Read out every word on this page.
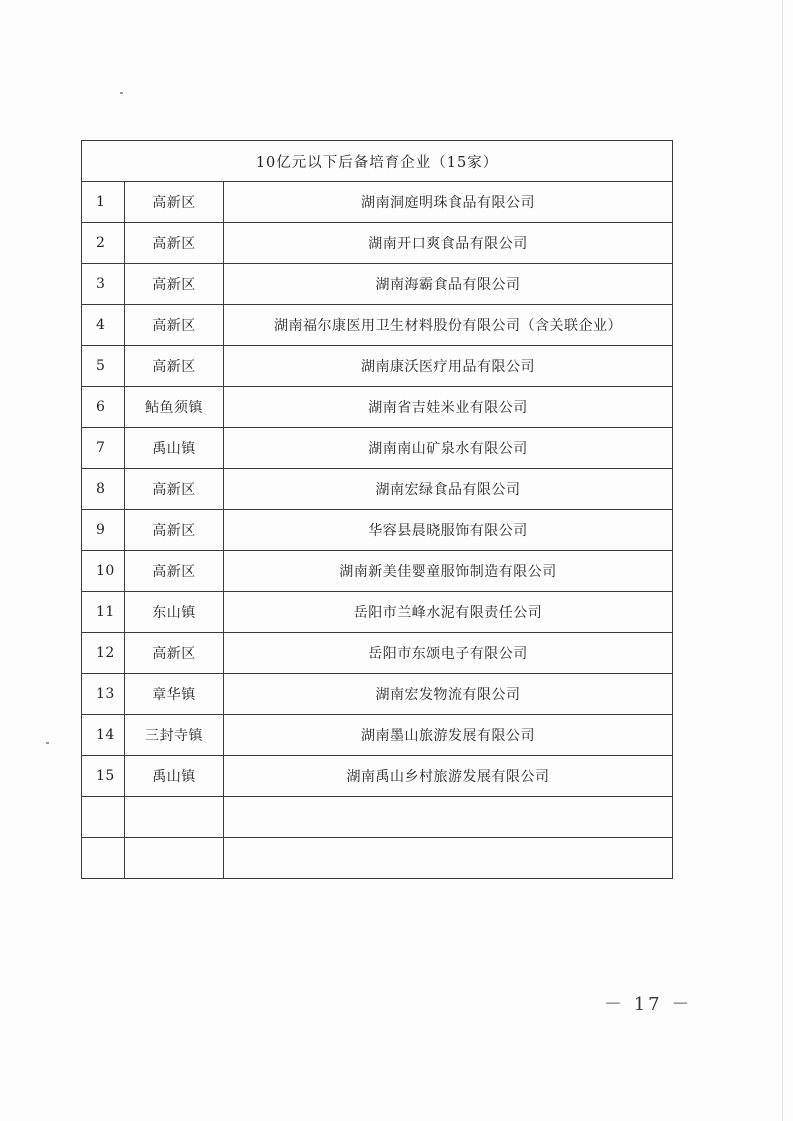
10亿元以下后备培育企业（15家）		
1	高新区	湖南洞庭明珠食品有限公司
2	高新区	湖南开口爽食品有限公司
3	高新区	湖南海霸食品有限公司
4	高新区	湖南福尔康医用卫生材料股份有限公司（含关联企业）
5	高新区	湖南康沃医疗用品有限公司
6	鲇鱼须镇	湖南省吉娃米业有限公司
7	禹山镇	湖南南山矿泉水有限公司
8	高新区	湖南宏绿食品有限公司
9	高新区	华容县晨晓服饰有限公司
10	高新区	湖南新美佳婴童服饰制造有限公司
11	东山镇	岳阳市兰峰水泥有限责任公司
12	高新区	岳阳市东颂电子有限公司
13	章华镇	湖南宏发物流有限公司
14	三封寺镇	湖南墨山旅游发展有限公司
15	禹山镇	湖南禹山乡村旅游发展有限公司

－ 17 －
